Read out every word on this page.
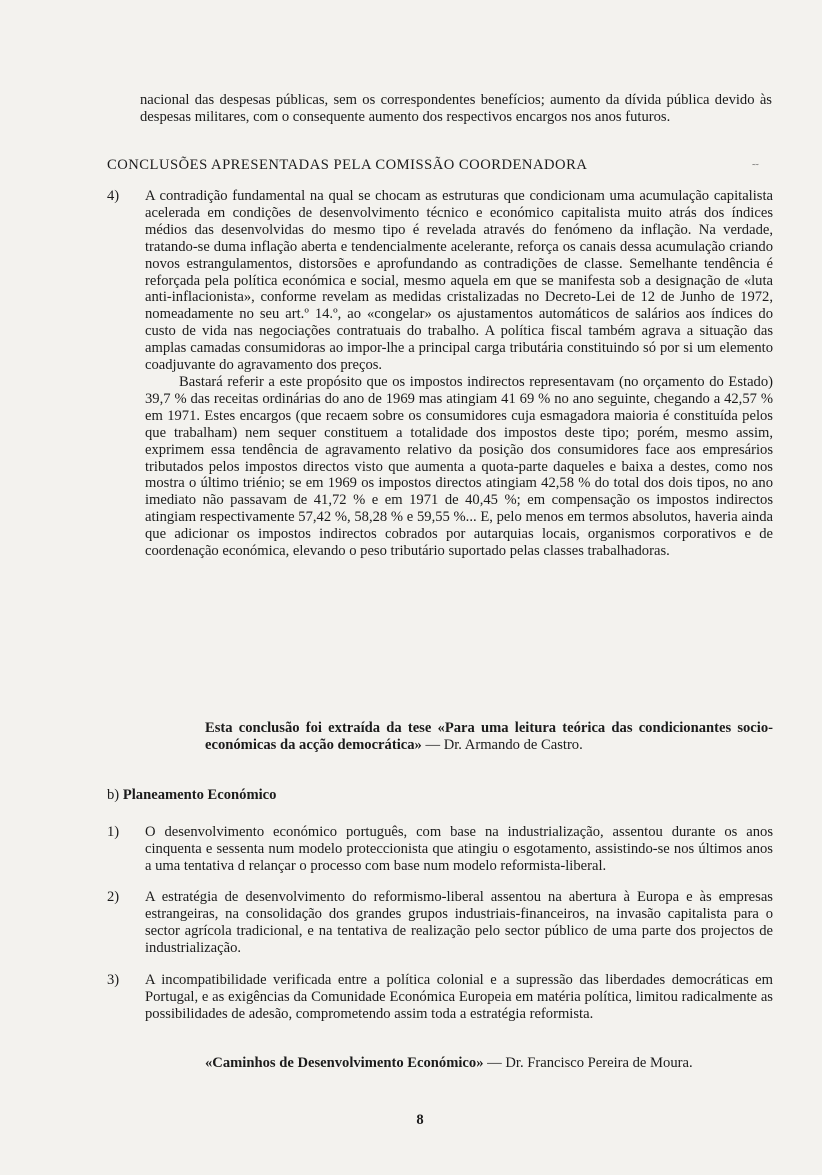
nacional das despesas públicas, sem os correspondentes benefícios; aumento da dívida pública devido às despesas militares, com o consequente aumento dos respectivos encargos nos anos futuros.

CONCLUSÕES APRESENTADAS PELA COMISSÃO COORDENADORA	˜˜
4)	A contradição fundamental na qual se chocam as estruturas que condicionam uma acumulação capitalista acelerada em condições de desenvolvimento técnico e económico capitalista muito atrás dos índices médios das desenvolvidas do mesmo tipo é revelada através do fenómeno da inflação. Na verdade, tratando-se duma inflação aberta e tendencialmente acelerante, reforça os canais dessa acumulação criando novos estrangulamentos, distorsões e aprofundando as contradições de classe. Semelhante tendência é reforçada pela política económica e social, mesmo aquela em que se manifesta sob a designação de «luta anti-inflacionista», conforme revelam as medidas cristalizadas no Decreto-Lei de 12 de Junho de 1972, nomeadamente no seu art.º 14.º, ao «congelar» os ajustamentos automáticos de salários aos índices do custo de vida nas negociações contratuais do trabalho. A política fiscal também agrava a situação das amplas camadas consumidoras ao impor-lhe a principal carga tributária constituindo só por si um elemento coadjuvante do agravamento dos preços.

Bastará referir a este propósito que os impostos indirectos representavam (no orçamento do Estado) 39,7 % das receitas ordinárias do ano de 1969 mas atingiam 41 69 % no ano seguinte, chegando a 42,57 % em 1971. Estes encargos (que recaem sobre os consumidores cuja esmagadora maioria é constituída pelos que trabalham) nem sequer constituem a totalidade dos impostos deste tipo; porém, mesmo assim, exprimem essa tendência de agravamento relativo da posição dos consumidores face aos empresários tributados pelos impostos directos visto que aumenta a quota-parte daqueles e baixa a destes, como nos mostra o último triénio; se em 1969 os impostos directos atingiam 42,58 % do total dos dois tipos, no ano imediato não passavam de 41,72 % e em 1971 de 40,45 %; em compensação os impostos indirectos atingiam respectivamente 57,42 %, 58,28 % e 59,55 %... E, pelo menos em termos absolutos, haveria ainda que adicionar os impostos indirectos cobrados por autarquias locais, organismos corporativos e de coordenação económica, elevando o peso tributário suportado pelas classes trabalhadoras.

Esta conclusão foi extraída da tese «Para uma leitura teórica das condicionantes socio-económicas da acção democrática» — Dr. Armando de Castro.

b) Planeamento Económico
1)	O desenvolvimento económico português, com base na industrialização, assentou durante os anos cinquenta e sessenta num modelo proteccionista que atingiu o esgotamento, assistindo-se nos últimos anos a uma tentativa d relançar o processo com base num modelo reformista-liberal.

2)	A estratégia de desenvolvimento do reformismo-liberal assentou na abertura à Europa e às empresas estrangeiras, na consolidação dos grandes grupos industriais-financeiros, na invasão capitalista para o sector agrícola tradicional, e na tentativa de realização pelo sector público de uma parte dos projectos de industrialização.

3)	A incompatibilidade verificada entre a política colonial e a supressão das liberdades democráticas em Portugal, e as exigências da Comunidade Económica Europeia em matéria política, limitou radicalmente as possibilidades de adesão, comprometendo assim toda a estratégia reformista.

«Caminhos de Desenvolvimento Económico» — Dr. Francisco Pereira de Moura.

8
